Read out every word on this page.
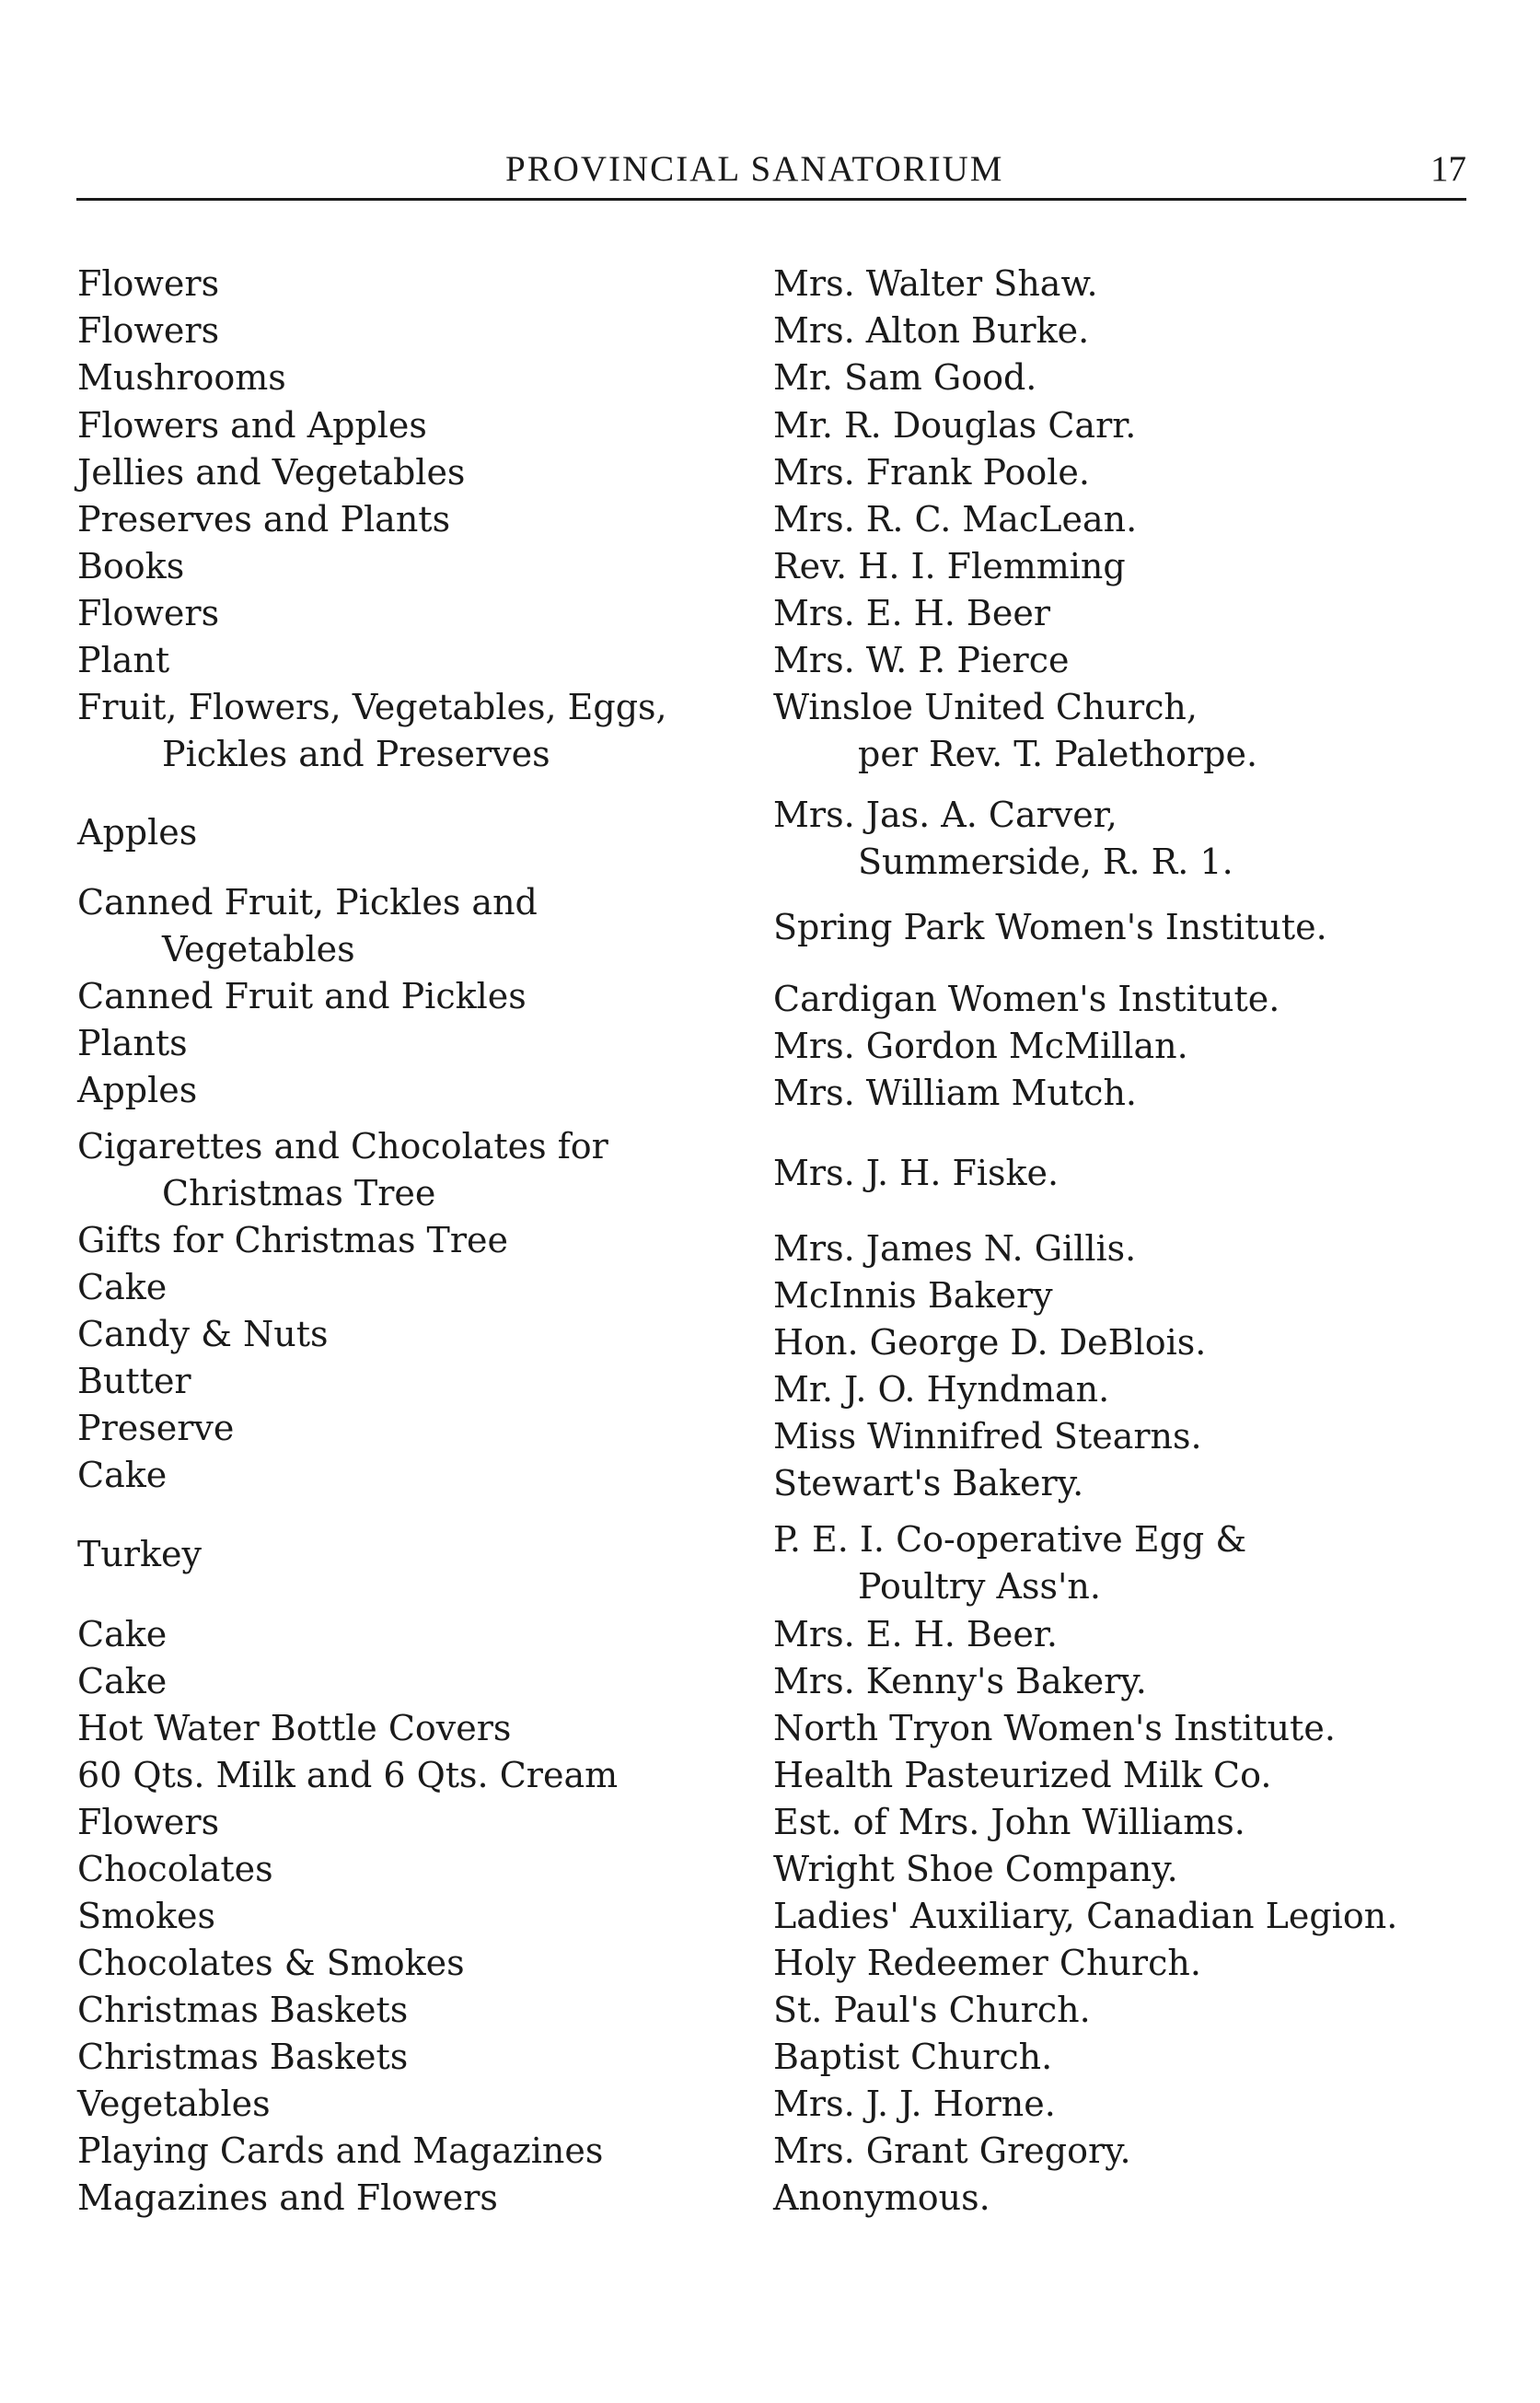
PROVINCIAL SANATORIUM	17
Flowers
Flowers
Mushrooms
Flowers and Apples
Jellies and Vegetables
Preserves and Plants
Books
Flowers
Plant
Fruit, Flowers, Vegetables, Eggs,
Pickles and Preserves
Apples
Canned Fruit, Pickles and
Vegetables
Canned Fruit and Pickles
Plants
Apples
Cigarettes and Chocolates for
Christmas Tree
Gifts for Christmas Tree
Cake
Candy & Nuts
Butter
Preserve
Cake
Turkey
Cake
Cake
Hot Water Bottle Covers
60 Qts. Milk and 6 Qts. Cream
Flowers
Chocolates
Smokes
Chocolates & Smokes
Christmas Baskets
Christmas Baskets
Vegetables
Playing Cards and Magazines
Magazines and Flowers
Mrs. Walter Shaw.
Mrs. Alton Burke.
Mr. Sam Good.
Mr. R. Douglas Carr.
Mrs. Frank Poole.
Mrs. R. C. MacLean.
Rev. H. I. Flemming
Mrs. E. H. Beer
Mrs. W. P. Pierce
Winsloe United Church,
per Rev. T. Palethorpe.
Mrs. Jas. A. Carver,
Summerside, R. R. 1.
Spring Park Women's Institute.
Cardigan Women's Institute.
Mrs. Gordon McMillan.
Mrs. William Mutch.
Mrs. J. H. Fiske.
Mrs. James N. Gillis.
McInnis Bakery
Hon. George D. DeBlois.
Mr. J. O. Hyndman.
Miss Winnifred Stearns.
Stewart's Bakery.
P. E. I. Co-operative Egg &
Poultry Ass'n.
Mrs. E. H. Beer.
Mrs. Kenny's Bakery.
North Tryon Women's Institute.
Health Pasteurized Milk Co.
Est. of Mrs. John Williams.
Wright Shoe Company.
Ladies' Auxiliary, Canadian Legion.
Holy Redeemer Church.
St. Paul's Church.
Baptist Church.
Mrs. J. J. Horne.
Mrs. Grant Gregory.
Anonymous.
